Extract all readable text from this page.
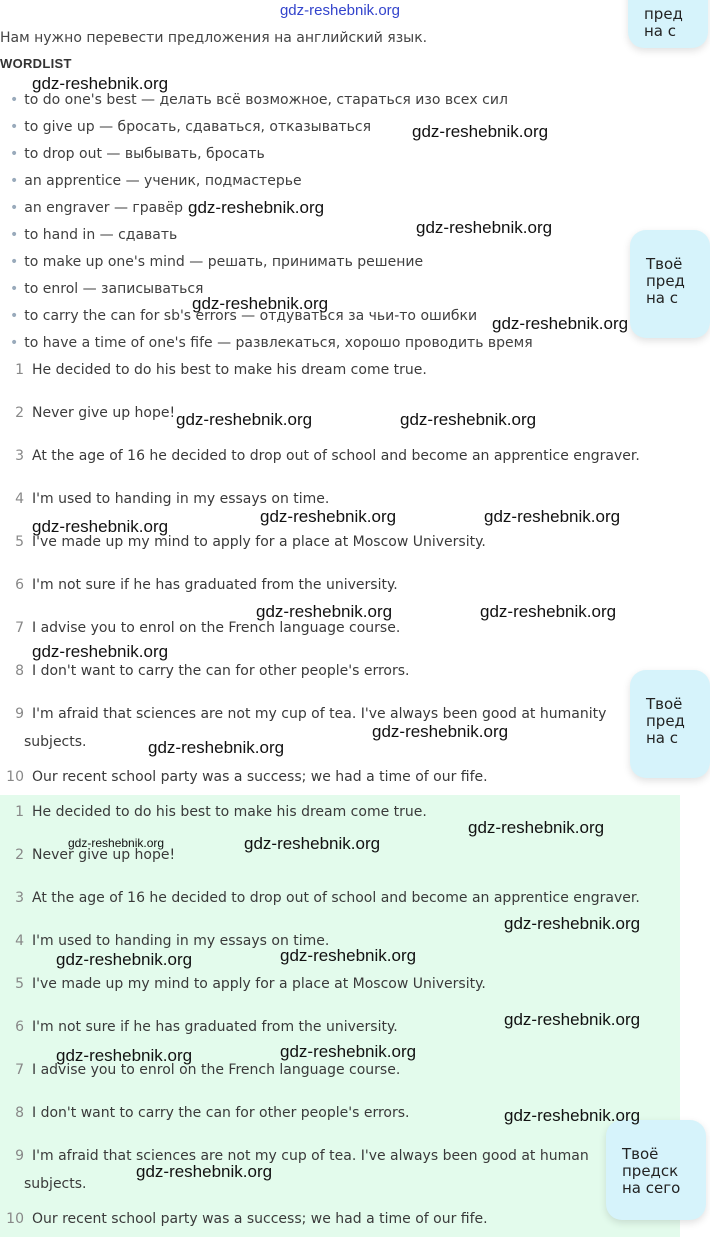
gdz-reshebnik.org
Нам нужно перевести предложения на английский язык.
WORDLIST
• to do one's best — делать всё возможное, стараться изо всех сил
• to give up — бросать, сдаваться, отказываться
• to drop out — выбывать, бросать
• an apprentice — ученик, подмастерье
• an engraver — гравёр
• to hand in — сдавать
• to make up one's mind — решать, принимать решение
• to enrol — записываться
• to carry the can for sb's errors — отдуваться за чьи-то ошибки
• to have a time of one's fife — развлекаться, хорошо проводить время
1 He decided to do his best to make his dream come true.
2 Never give up hope!
3 At the age of 16 he decided to drop out of school and become an apprentice engraver.
4 I'm used to handing in my essays on time.
5 I've made up my mind to apply for a place at Moscow University.
6 I'm not sure if he has graduated from the university.
7 I advise you to enrol on the French language course.
8 I don't want to carry the can for other people's errors.
9 I'm afraid that sciences are not my cup of tea. I've always been good at humanity
subjects.
10 Our recent school party was a success; we had a time of our fife.
1 He decided to do his best to make his dream come true.
2 Never give up hope!
3 At the age of 16 he decided to drop out of school and become an apprentice engraver.
4 I'm used to handing in my essays on time.
5 I've made up my mind to apply for a place at Moscow University.
6 I'm not sure if he has graduated from the university.
7 I advise you to enrol on the French language course.
8 I don't want to carry the can for other people's errors.
9 I'm afraid that sciences are not my cup of tea. I've always been good at human
subjects.
10 Our recent school party was a success; we had a time of our fife.
пред
на с
Твоё
пред
на с
Твоё
пред
на с
Твоё
предск
на сего
gdz-reshebnik.org
gdz-reshebnik.org
gdz-reshebnik.org
gdz-reshebnik.org
gdz-reshebnik.org
gdz-reshebnik.org
gdz-reshebnik.org	gdz-reshebnik.org
gdz-reshebnik.org
gdz-reshebnik.org	gdz-reshebnik.org
gdz-reshebnik.org	gdz-reshebnik.org
gdz-reshebnik.org
gdz-reshebnik.org
gdz-reshebnik.org
gdz-reshebnik.org
gdz-reshebnik.org	gdz-reshebnik.org
gdz-reshebnik.org
gdz-reshebnik.org	gdz-reshebnik.org
gdz-reshebnik.org
gdz-reshebnik.org	gdz-reshebnik.org
gdz-reshebnik.org
gdz-reshebnik.org
